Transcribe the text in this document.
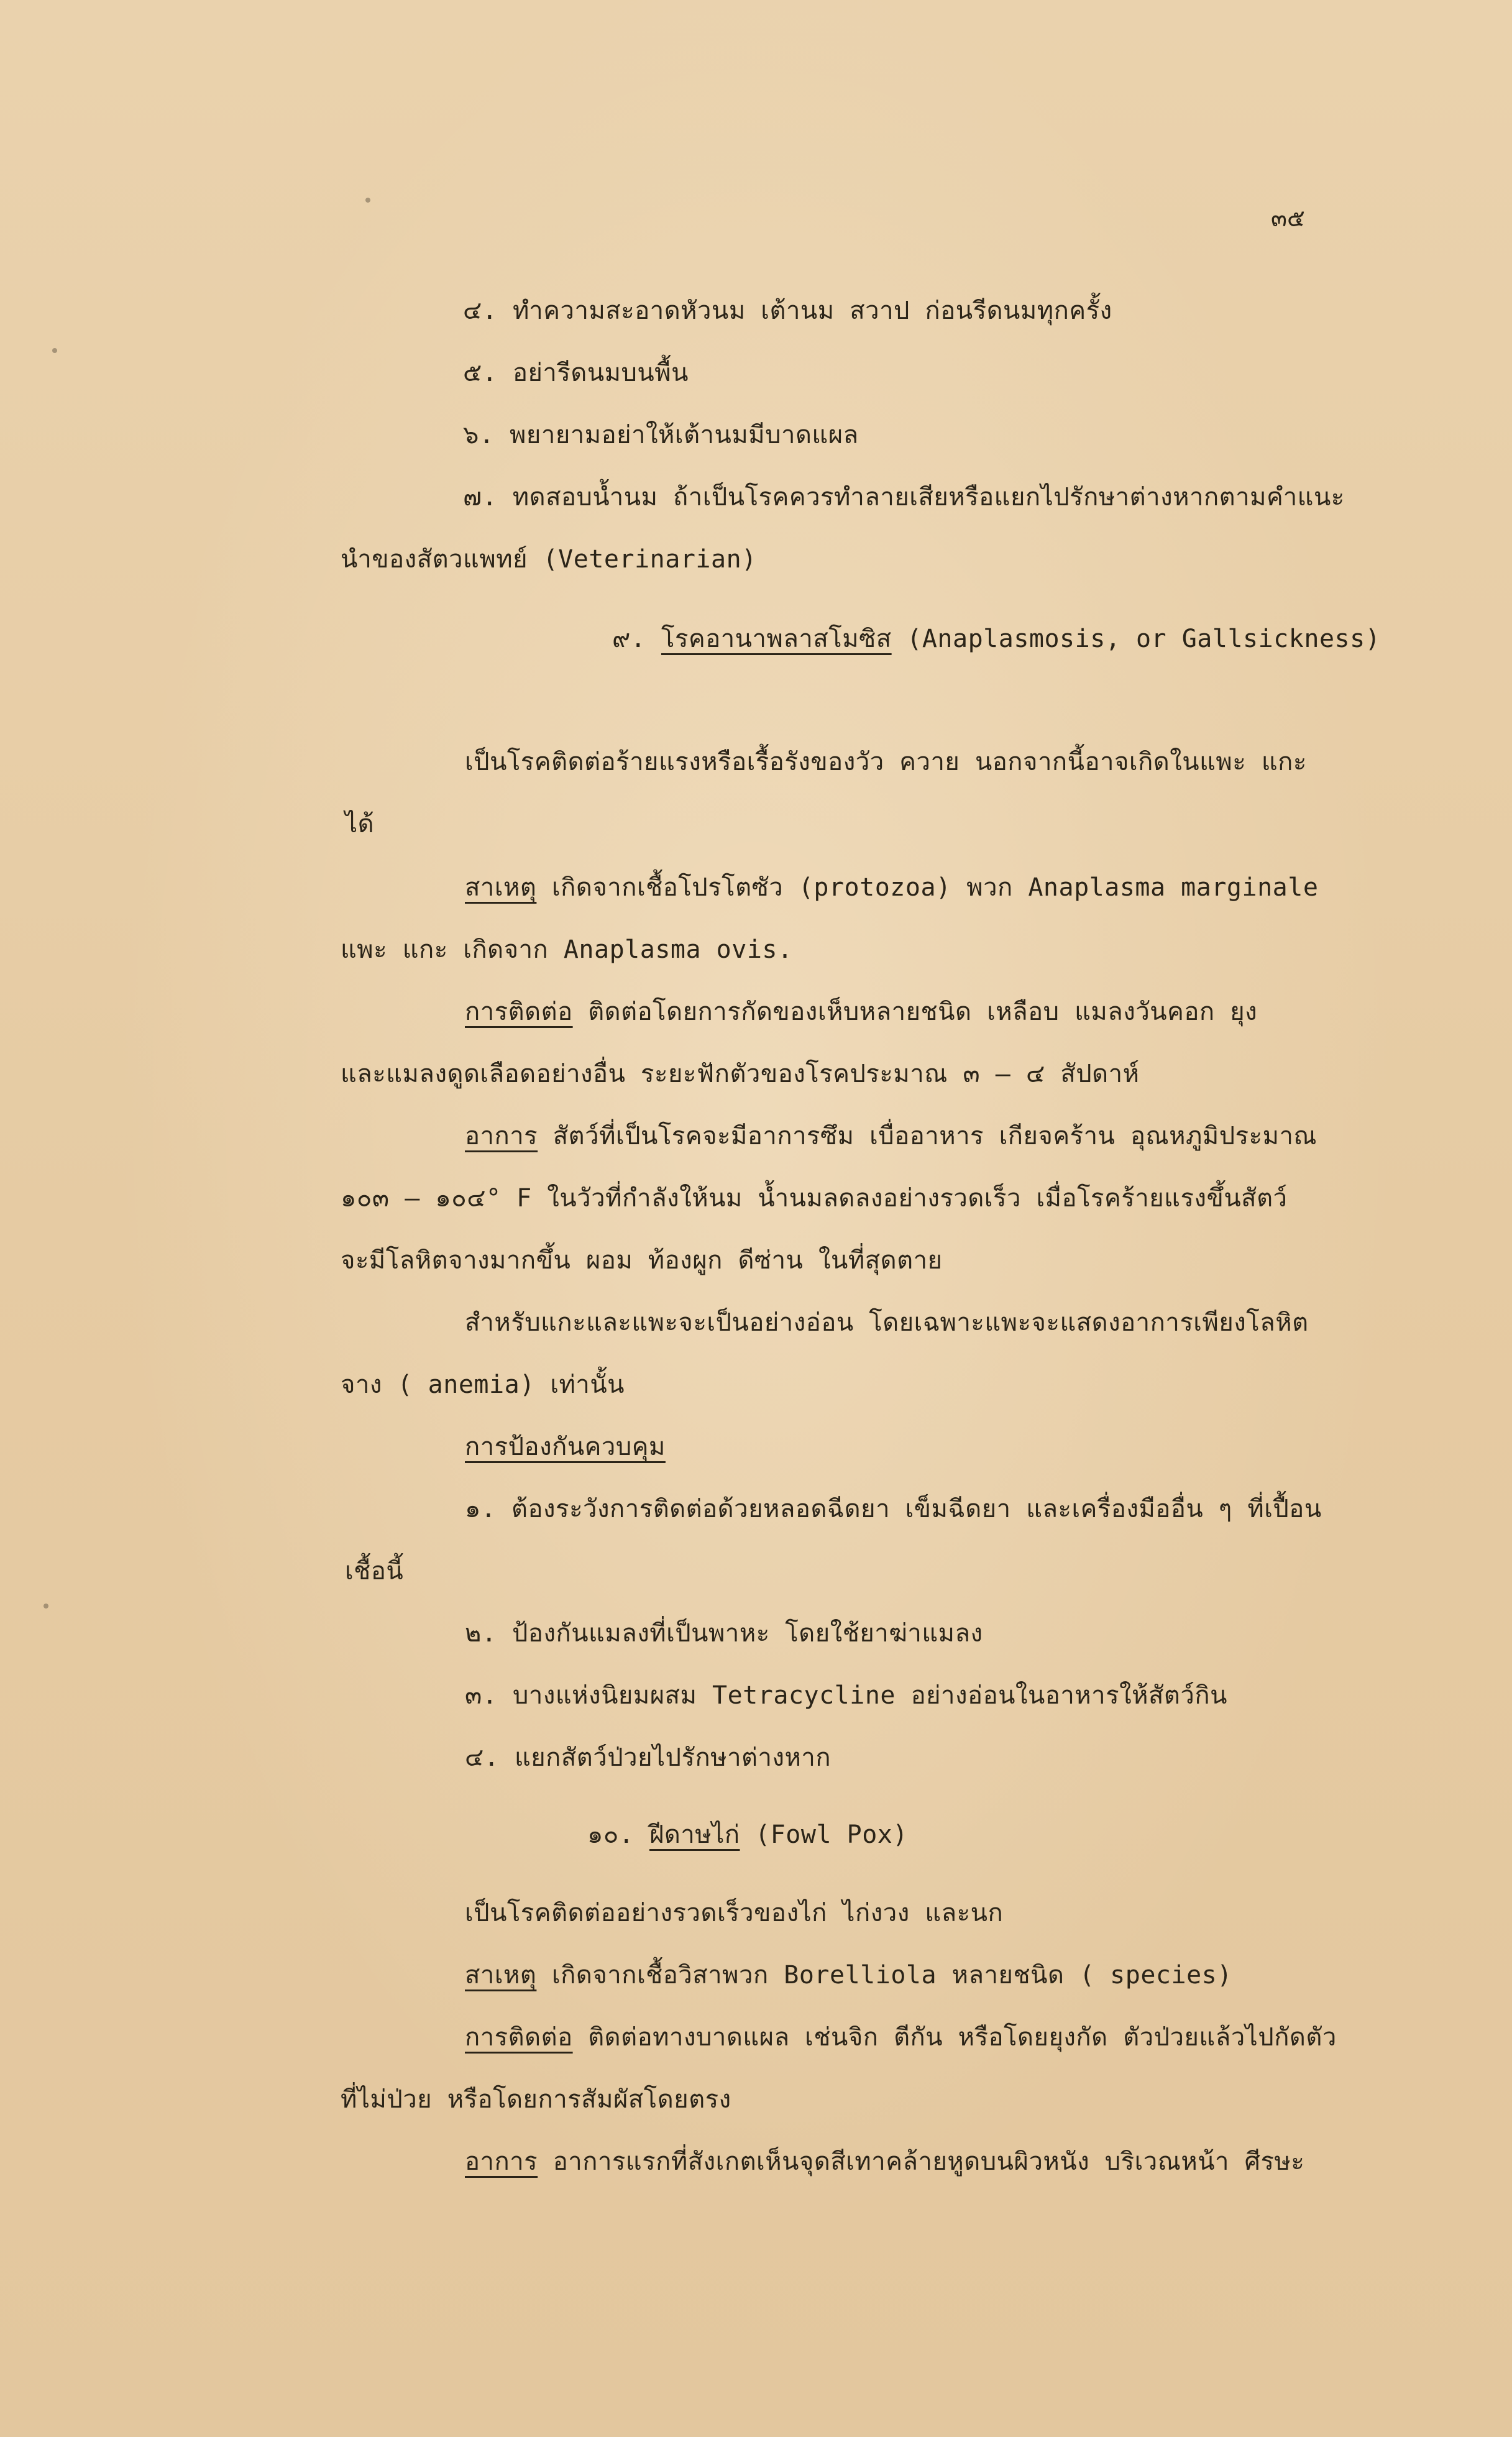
๓๕
๔. ทำความสะอาดหัวนม เต้านม สวาป ก่อนรีดนมทุกครั้ง
๕. อย่ารีดนมบนพื้น
๖. พยายามอย่าให้เต้านมมีบาดแผล
๗. ทดสอบน้ำนม ถ้าเป็นโรคควรทำลายเสียหรือแยกไปรักษาต่างหากตามคำแนะ
นำของสัตวแพทย์ (Veterinarian)
๙. โรคอานาพลาสโมซิส (Anaplasmosis, or Gallsickness)
เป็นโรคติดต่อร้ายแรงหรือเรื้อรังของวัว ควาย นอกจากนี้อาจเกิดในแพะ แกะ
ได้
สาเหตุ เกิดจากเชื้อโปรโตซัว (protozoa) พวก Anaplasma marginale
แพะ แกะ เกิดจาก Anaplasma ovis.
การติดต่อ ติดต่อโดยการกัดของเห็บหลายชนิด เหลือบ แมลงวันคอก ยุง
และแมลงดูดเลือดอย่างอื่น ระยะฟักตัวของโรคประมาณ ๓ – ๔ สัปดาห์
อาการ สัตว์ที่เป็นโรคจะมีอาการซึม เบื่ออาหาร เกียจคร้าน อุณหภูมิประมาณ
๑๐๓ – ๑๐๔° F ในวัวที่กำลังให้นม น้ำนมลดลงอย่างรวดเร็ว เมื่อโรคร้ายแรงขึ้นสัตว์
จะมีโลหิตจางมากขึ้น ผอม ท้องผูก ดีซ่าน ในที่สุดตาย
สำหรับแกะและแพะจะเป็นอย่างอ่อน โดยเฉพาะแพะจะแสดงอาการเพียงโลหิต
จาง ( anemia) เท่านั้น
การป้องกันควบคุม
๑. ต้องระวังการติดต่อด้วยหลอดฉีดยา เข็มฉีดยา และเครื่องมืออื่น ๆ ที่เปื้อน
เชื้อนี้
๒. ป้องกันแมลงที่เป็นพาหะ โดยใช้ยาฆ่าแมลง
๓. บางแห่งนิยมผสม Tetracycline อย่างอ่อนในอาหารให้สัตว์กิน
๔. แยกสัตว์ป่วยไปรักษาต่างหาก
๑๐. ฝีดาษไก่ (Fowl Pox)
เป็นโรคติดต่ออย่างรวดเร็วของไก่ ไก่งวง และนก
สาเหตุ เกิดจากเชื้อวิสาพวก Borelliola หลายชนิด ( species)
การติดต่อ ติดต่อทางบาดแผล เช่นจิก ตีกัน หรือโดยยุงกัด ตัวป่วยแล้วไปกัดตัว
ที่ไม่ป่วย หรือโดยการสัมผัสโดยตรง
อาการ อาการแรกที่สังเกตเห็นจุดสีเทาคล้ายหูดบนผิวหนัง บริเวณหน้า ศีรษะ
